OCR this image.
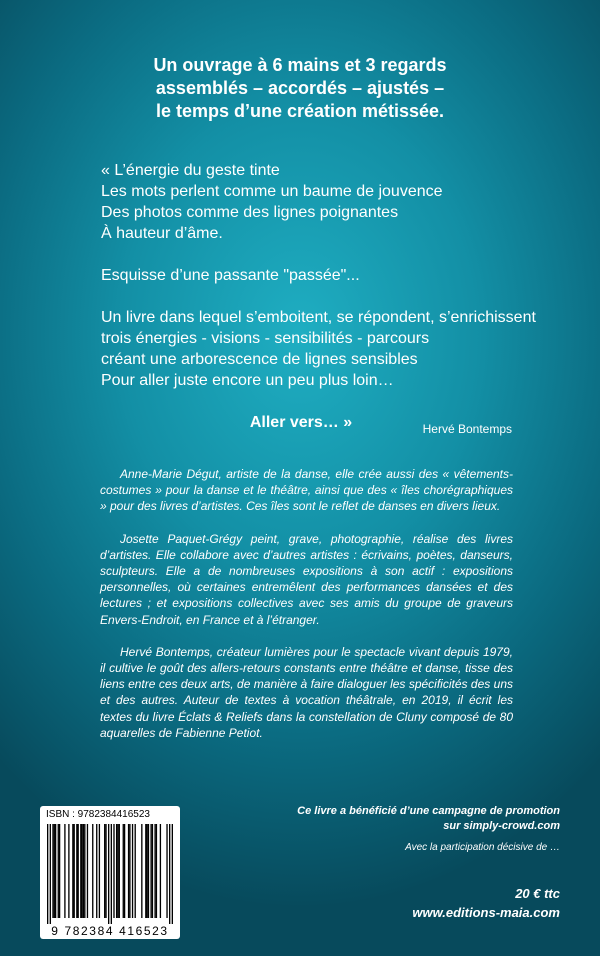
Un ouvrage à 6 mains et 3 regards
assemblés – accordés – ajustés –
le temps d’une création métissée.
« L’énergie du geste tinte
Les mots perlent comme un baume de jouvence
Des photos comme des lignes poignantes
À hauteur d’âme.
Esquisse d’une passante "passée"...
Un livre dans lequel s’emboitent, se répondent, s’enrichissent
trois énergies - visions - sensibilités - parcours
créant une arborescence de lignes sensibles
Pour aller juste encore un peu plus loin…
Aller vers… »	Hervé Bontemps

Anne-Marie Dégut, artiste de la danse, elle crée aussi des « vêtements-costumes » pour la danse et le théâtre, ainsi que des « îles chorégraphiques » pour des livres d’artistes. Ces îles sont le reflet de danses en divers lieux.

Josette Paquet-Grégy peint, grave, photographie, réalise des livres d’artistes. Elle collabore avec d’autres artistes : écrivains, poètes, danseurs, sculpteurs. Elle a de nombreuses expositions à son actif : expositions personnelles, où certaines entremêlent des performances dansées et des lectures ; et expositions collectives avec ses amis du groupe de graveurs Envers-Endroit, en France et à l’étranger.

Hervé Bontemps, créateur lumières pour le spectacle vivant depuis 1979, il cultive le goût des allers-retours constants entre théâtre et danse, tisse des liens entre ces deux arts, de manière à faire dialoguer les spécificités des uns et des autres. Auteur de textes à vocation théâtrale, en 2019, il écrit les textes du livre Éclats & Reliefs dans la constellation de Cluny composé de 80 aquarelles de Fabienne Petiot.

ISBN : 9782384416523
9 782384 416523
Ce livre a bénéficié d’une campagne de promotion
sur simply-crowd.com
Avec la participation décisive de …
20 € ttc
www.editions-maia.com
